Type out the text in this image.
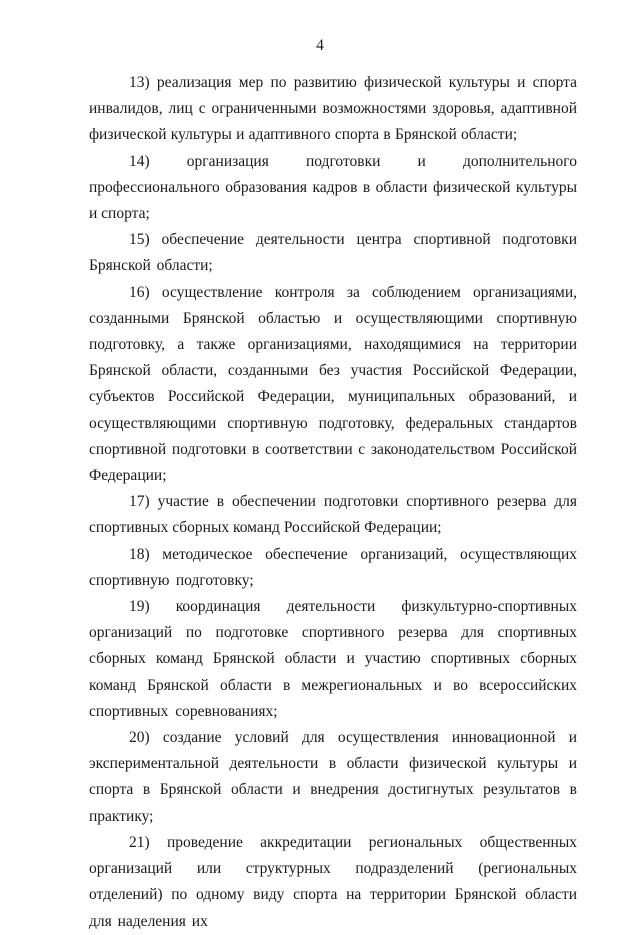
4

13) реализация мер по развитию физической культуры и спорта инвалидов, лиц с ограниченными возможностями здоровья, адаптивной физической культуры и адаптивного спорта в Брянской области;

14) организация подготовки и дополнительного профессионального образования кадров в области физической культуры и спорта;

15) обеспечение деятельности центра спортивной подготовки Брянской области;

16) осуществление контроля за соблюдением организациями, созданными Брянской областью и осуществляющими спортивную подготовку, а также организациями, находящимися на территории Брянской области, созданными без участия Российской Федерации, субъектов Российской Федерации, муниципальных образований, и осуществляющими спортивную подготовку, федеральных стандартов спортивной подготовки в соответствии с законодательством Российской Федерации;

17) участие в обеспечении подготовки спортивного резерва для спортивных сборных команд Российской Федерации;

18) методическое обеспечение организаций, осуществляющих спортивную подготовку;

19) координация деятельности физкультурно-спортивных организаций по подготовке спортивного резерва для спортивных сборных команд Брянской области и участию спортивных сборных команд Брянской области в межрегиональных и во всероссийских спортивных соревнованиях;

20) создание условий для осуществления инновационной и экспериментальной деятельности в области физической культуры и спорта в Брянской области и внедрения достигнутых результатов в практику;

21) проведение аккредитации региональных общественных организаций или структурных подразделений (региональных отделений) по одному виду спорта на территории Брянской области для наделения их
